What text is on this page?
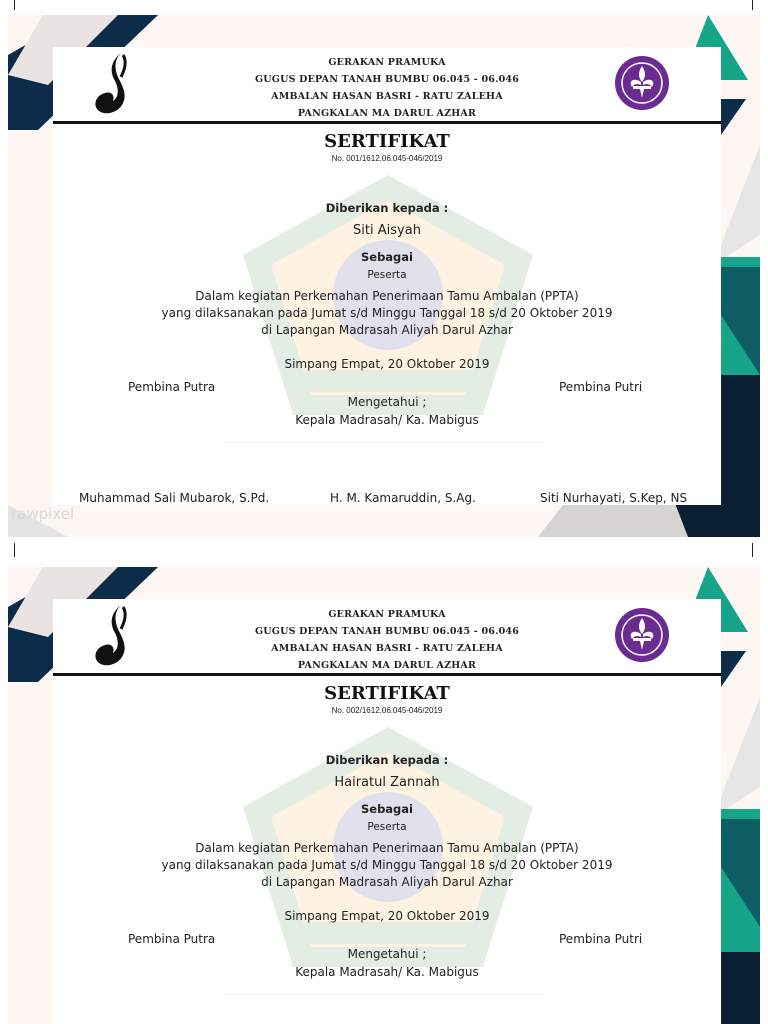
rawpixel
GERAKAN PRAMUKA
GUGUS DEPAN TANAH BUMBU 06.045 - 06.046
AMBALAN HASAN BASRI - RATU ZALEHA
PANGKALAN MA DARUL AZHAR
SERTIFIKAT
No. 001/1612.06.045-046/2019
Diberikan kepada :
Siti Aisyah
Sebagai
Peserta
Dalam kegiatan Perkemahan Penerimaan Tamu Ambalan (PPTA)
yang dilaksanakan pada Jumat s/d Minggu Tanggal 18 s/d 20 Oktober 2019
di Lapangan Madrasah Aliyah Darul Azhar
Simpang Empat, 20 Oktober 2019
Pembina Putra	Pembina Putri
Mengetahui ;
Kepala Madrasah/ Ka. Mabigus
Muhammad Sali Mubarok, S.Pd.	H. M. Kamaruddin, S.Ag.	Siti Nurhayati, S.Kep, NS
GERAKAN PRAMUKA
GUGUS DEPAN TANAH BUMBU 06.045 - 06.046
AMBALAN HASAN BASRI - RATU ZALEHA
PANGKALAN MA DARUL AZHAR
SERTIFIKAT
No. 002/1612.06.045-046/2019
Diberikan kepada :
Hairatul Zannah
Sebagai
Peserta
Dalam kegiatan Perkemahan Penerimaan Tamu Ambalan (PPTA)
yang dilaksanakan pada Jumat s/d Minggu Tanggal 18 s/d 20 Oktober 2019
di Lapangan Madrasah Aliyah Darul Azhar
Simpang Empat, 20 Oktober 2019
Pembina Putra	Pembina Putri
Mengetahui ;
Kepala Madrasah/ Ka. Mabigus
